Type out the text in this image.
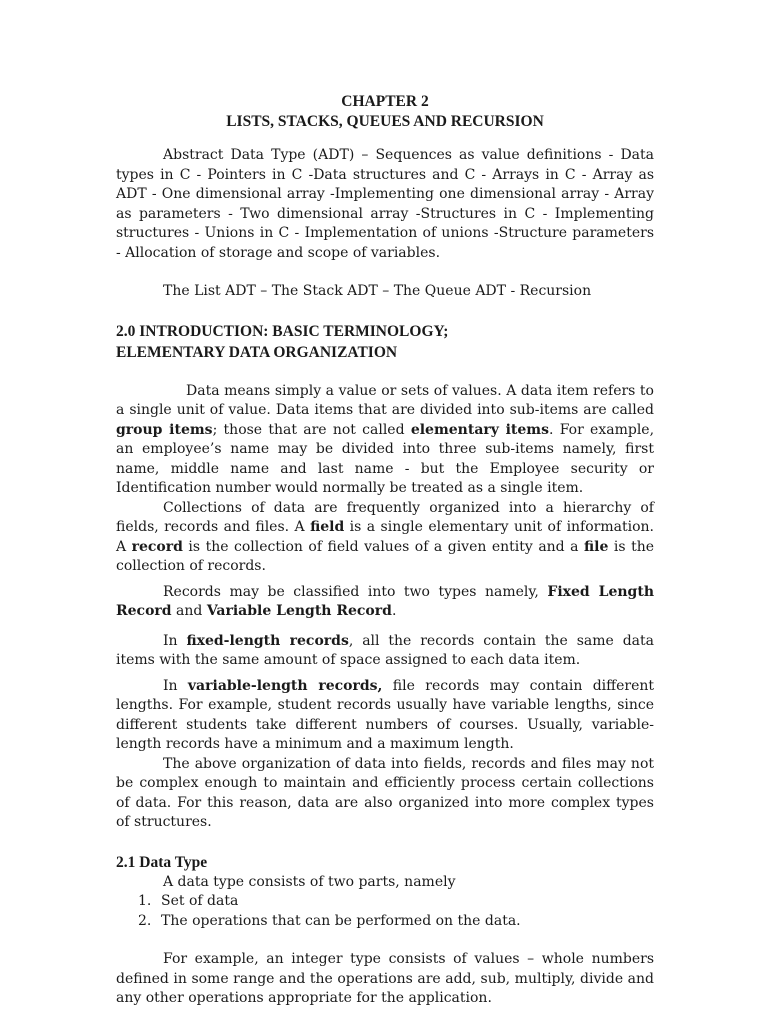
CHAPTER 2
LISTS, STACKS, QUEUES AND RECURSION

Abstract Data Type (ADT) – Sequences as value definitions - Data types in C - Pointers in C -Data structures and C - Arrays in C - Array as ADT - One dimensional array -Implementing one dimensional array - Array as parameters - Two dimensional array -Structures in C - Implementing structures - Unions in C - Implementation of unions -Structure parameters - Allocation of storage and scope of variables.

The List ADT – The Stack ADT – The Queue ADT - Recursion

2.0 INTRODUCTION: BASIC TERMINOLOGY;
ELEMENTARY DATA ORGANIZATION

Data means simply a value or sets of values. A data item refers to a single unit of value. Data items that are divided into sub-items are called group items; those that are not called elementary items. For example, an employee’s name may be divided into three sub-items namely, first name, middle name and last name - but the Employee security or Identification number would normally be treated as a single item.

Collections of data are frequently organized into a hierarchy of fields, records and files. A field is a single elementary unit of information. A record is the collection of field values of a given entity and a file is the collection of records.

Records may be classified into two types namely, Fixed Length Record and Variable Length Record.

In fixed-length records, all the records contain the same data items with the same amount of space assigned to each data item.

In variable-length records, file records may contain different lengths. For example, student records usually have variable lengths, since different students take different numbers of courses. Usually, variable-length records have a minimum and a maximum length.

The above organization of data into fields, records and files may not be complex enough to maintain and efficiently process certain collections of data. For this reason, data are also organized into more complex types of structures.

2.1 Data Type

A data type consists of two parts, namely

1. Set of data
2. The operations that can be performed on the data.

For example, an integer type consists of values – whole numbers defined in some range and the operations are add, sub, multiply, divide and any other operations appropriate for the application.
